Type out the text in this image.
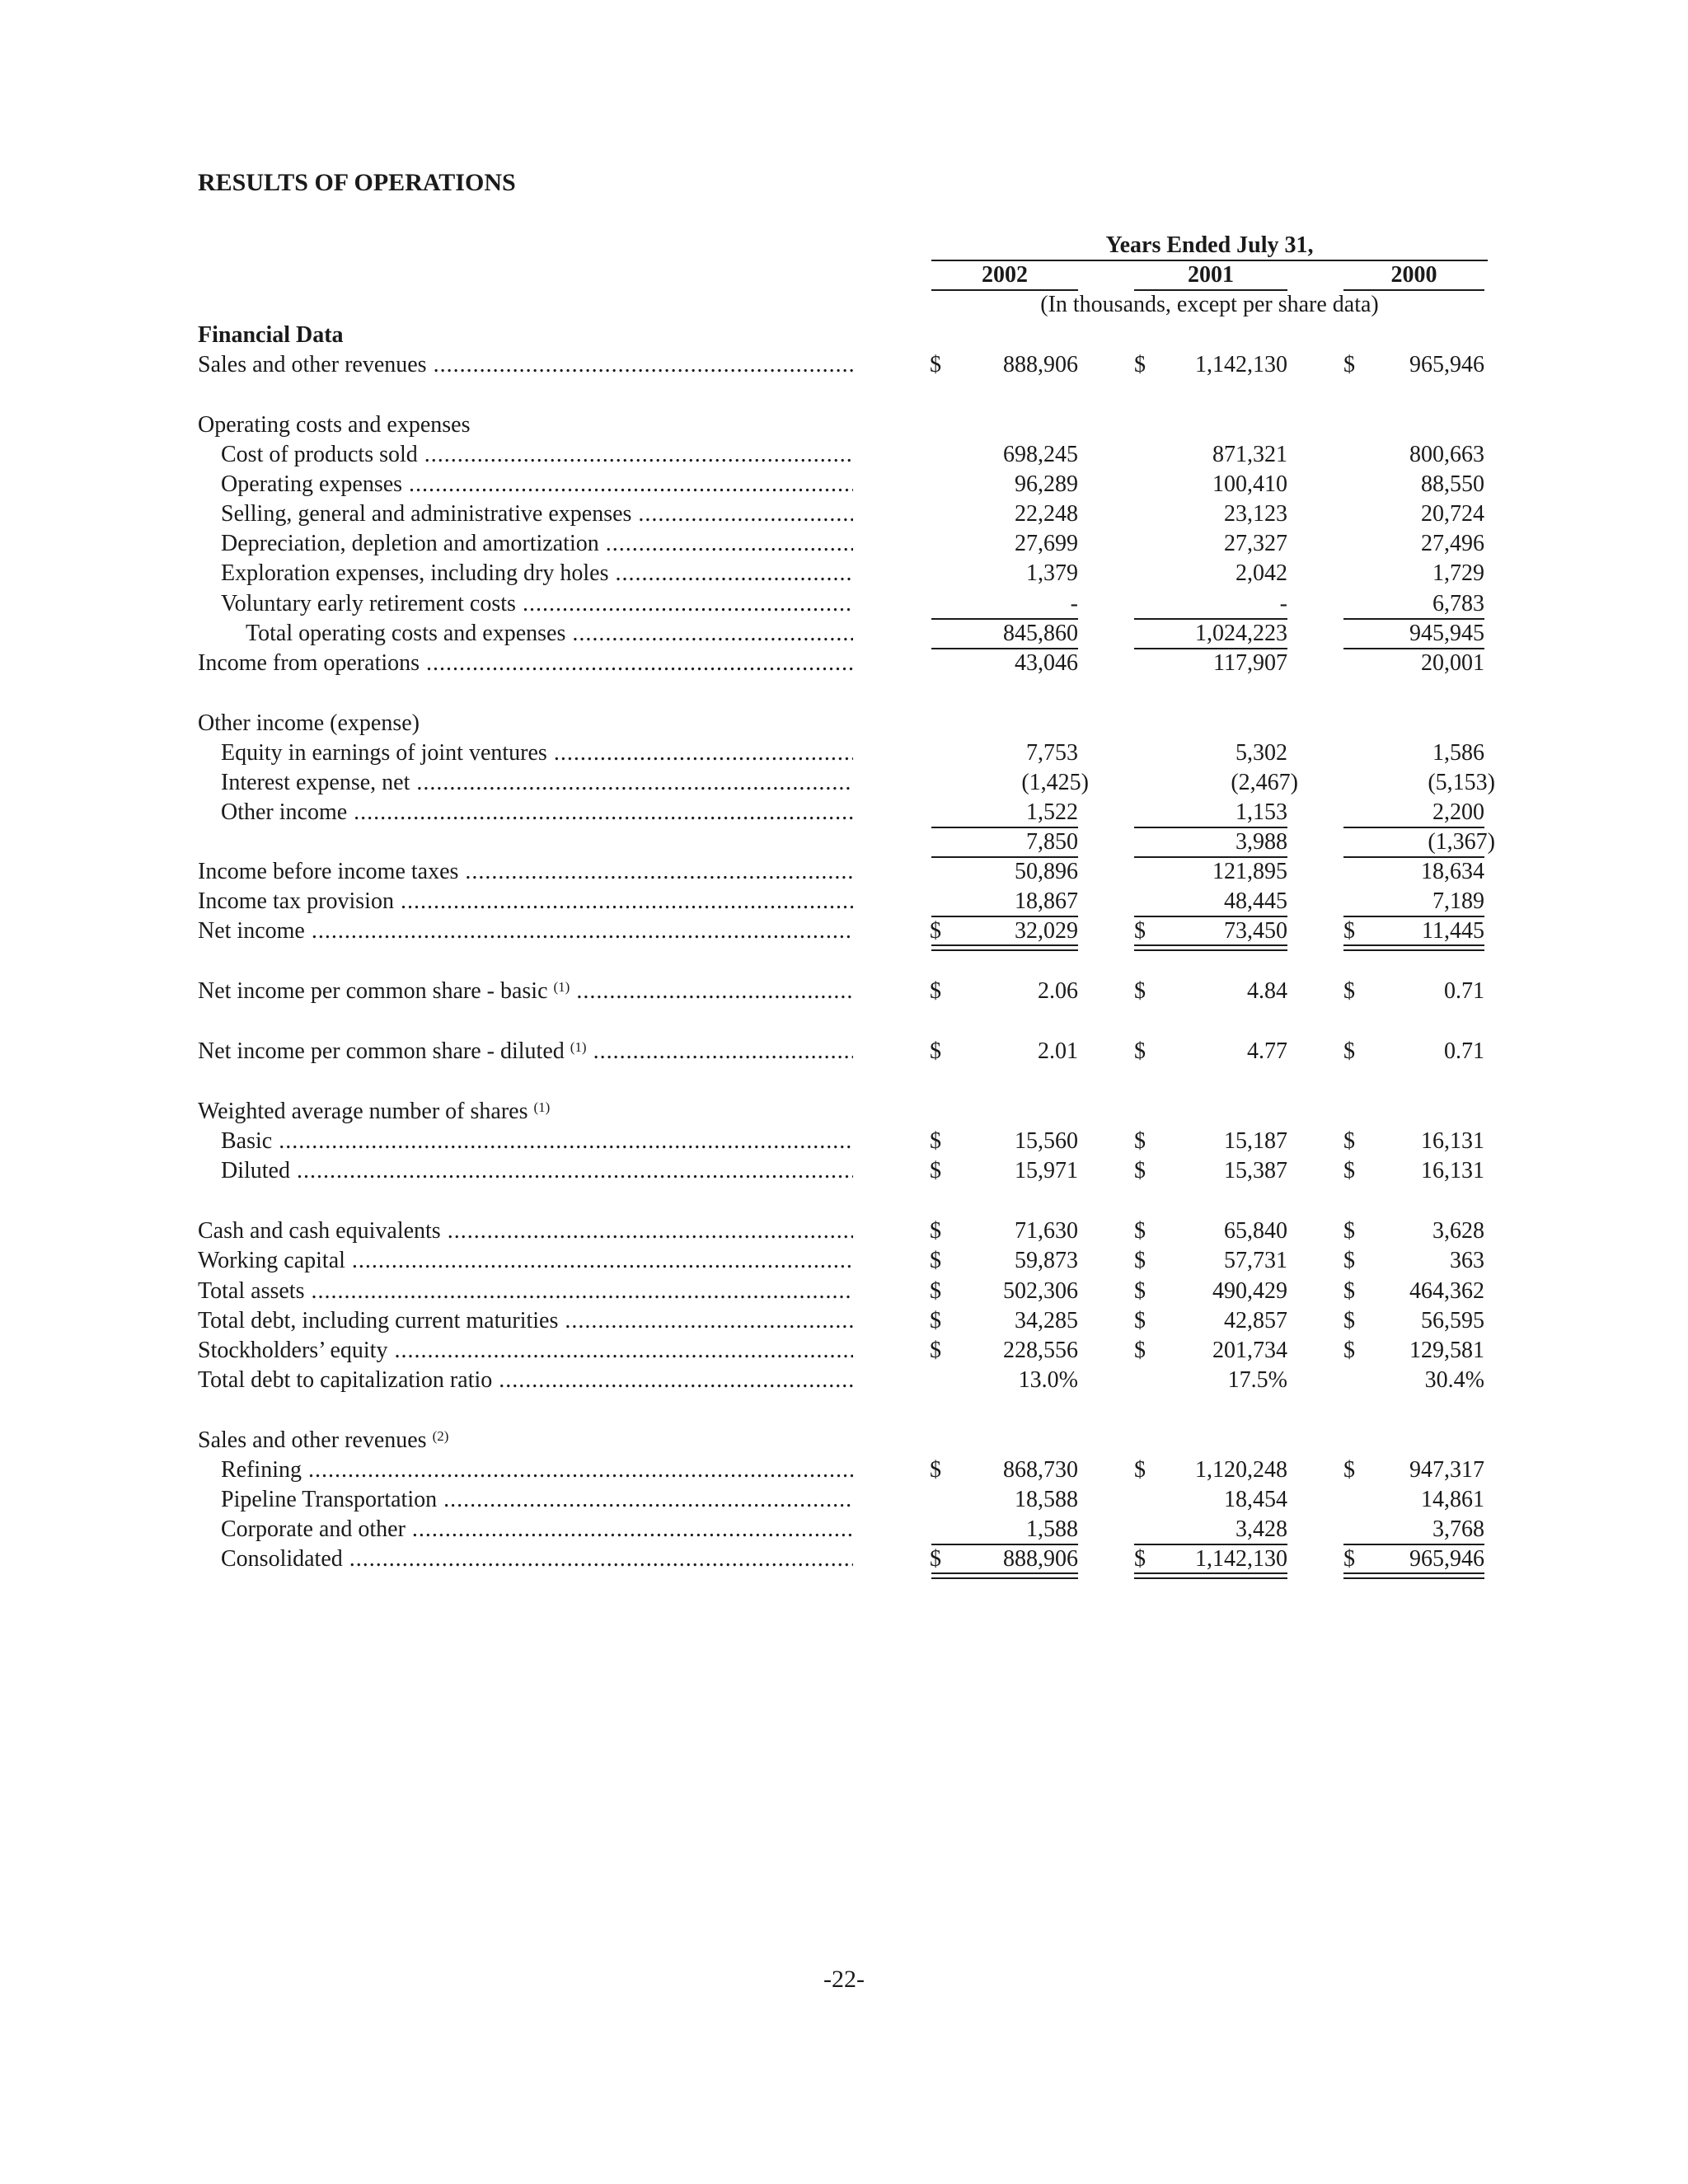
RESULTS OF OPERATIONS
Years Ended July 31,
2002	2001	2000
(In thousands, except per share data)
Financial Data
Sales and other revenues .....	$	888,906 $	1,142,130 $	965,946
Operating costs and expenses
Cost of products sold .....	698,245	871,321	800,663
Operating expenses .....	96,289	100,410	88,550
Selling, general and administrative expenses .....	22,248	23,123	20,724
Depreciation, depletion and amortization .....	27,699	27,327	27,496
Exploration expenses, including dry holes .....	1,379	2,042	1,729
Voluntary early retirement costs .....	-	-	6,783
Total operating costs and expenses .....	845,860	1,024,223	945,945
Income from operations .....	43,046	117,907	20,001
Other income (expense)
Equity in earnings of joint ventures .....	7,753	5,302	1,586
Interest expense, net .....	(1,425)	(2,467)	(5,153)
Other income .....	1,522	1,153	2,200
7,850	3,988	(1,367)
Income before income taxes .....	50,896	121,895	18,634
Income tax provision .....	18,867	48,445	7,189
Net income .....	$	32,029 $	73,450 $	11,445
Net income per common share - basic $^{(1)}$ .....	$	2.06 $	4.84 $	0.71
Net income per common share - diluted $^{(1)}$ .....	$	2.01 $	4.77 $	0.71
Weighted average number of shares $^{(1)}$
Basic .....	$	15,560 $	15,187 $	16,131
Diluted .....	$	15,971 $	15,387 $	16,131
Cash and cash equivalents .....	$	71,630 $	65,840 $	3,628
Working capital .....	$	59,873 $	57,731 $	363
Total assets .....	$	502,306 $	490,429 $	464,362
Total debt, including current maturities .....	$	34,285 $	42,857 $	56,595
Stockholders’ equity .....	$	228,556 $	201,734 $	129,581
Total debt to capitalization ratio .....	13.0%	17.5%	30.4%
Sales and other revenues $^{(2)}$
Refining .....	$	868,730 $	1,120,248 $	947,317
Pipeline Transportation .....	18,588	18,454	14,861
Corporate and other .....	1,588	3,428	3,768
Consolidated .....	$	888,906 $	1,142,130 $	965,946
-22-
